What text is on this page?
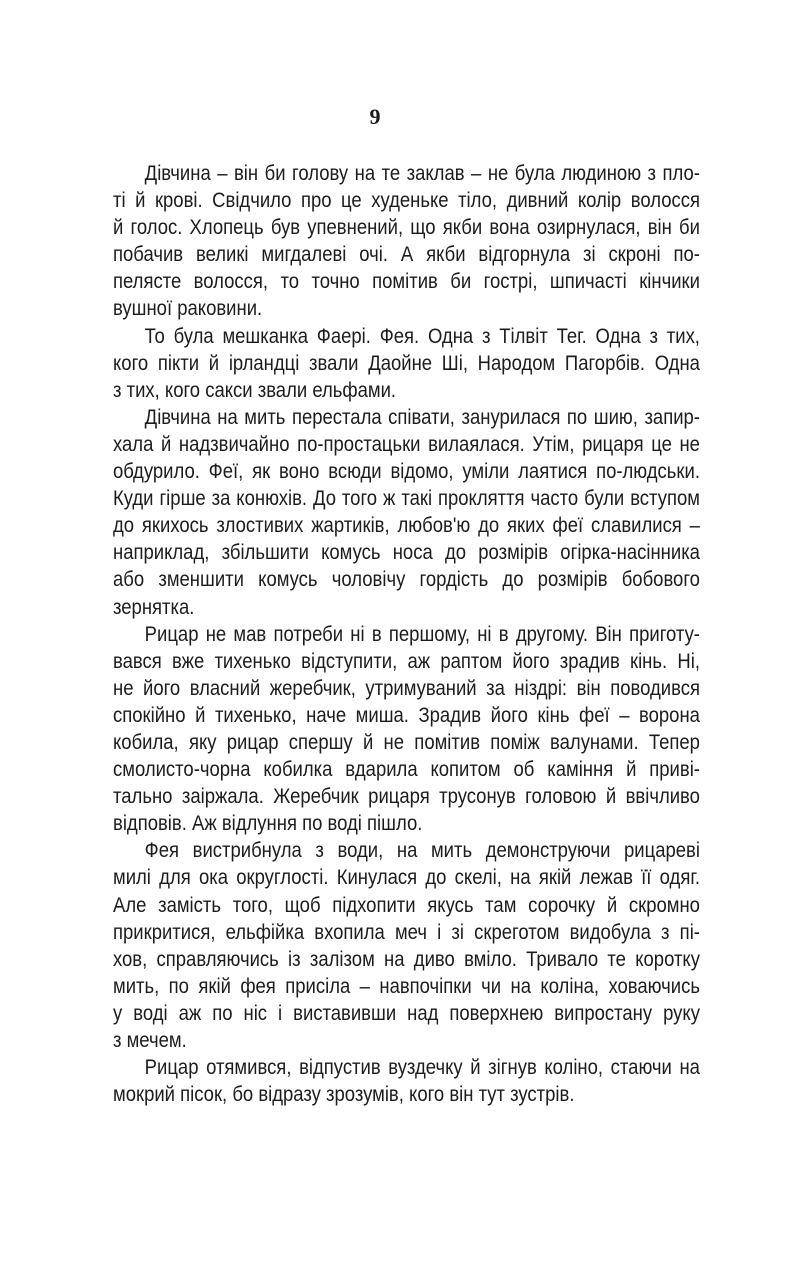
9
Дівчина – він би голову на те заклав – не була людиною з пло-
ті й крові. Свідчило про це худеньке тіло, дивний колір волосся
й голос. Хлопець був упевнений, що якби вона озирнулася, він би
побачив великі мигдалеві очі. А якби відгорнула зі скроні по-
пелясте волосся, то точно помітив би гострі, шпичасті кінчики
вушної раковини.
То була мешканка Фаері. Фея. Одна з Тілвіт Тег. Одна з тих,
кого пікти й ірландці звали Даойне Ші, Народом Пагорбів. Одна
з тих, кого сакси звали ельфами.
Дівчина на мить перестала співати, занурилася по шию, запир-
хала й надзвичайно по-простацьки вилаялася. Утім, рицаря це не
обдурило. Феї, як воно всюди відомо, уміли лаятися по-людськи.
Куди гірше за конюхів. До того ж такі прокляття часто були вступом
до якихось злостивих жартиків, любов'ю до яких феї славилися –
наприклад, збільшити комусь носа до розмірів огірка-насінника
або зменшити комусь чоловічу гордість до розмірів бобового
зернятка.
Рицар не мав потреби ні в першому, ні в другому. Він приготу-
вався вже тихенько відступити, аж раптом його зрадив кінь. Ні,
не його власний жеребчик, утримуваний за ніздрі: він поводився
спокійно й тихенько, наче миша. Зрадив його кінь феї – ворона
кобила, яку рицар спершу й не помітив поміж валунами. Тепер
смолисто-чорна кобилка вдарила копитом об каміння й приві-
тально заіржала. Жеребчик рицаря трусонув головою й ввічливо
відповів. Аж відлуння по воді пішло.
Фея вистрибнула з води, на мить демонструючи рицареві
милі для ока округлості. Кинулася до скелі, на якій лежав її одяг.
Але замість того, щоб підхопити якусь там сорочку й скромно
прикритися, ельфійка вхопила меч і зі скреготом видобула з пі-
хов, справляючись із залізом на диво вміло. Тривало те коротку
мить, по якій фея присіла – навпочіпки чи на коліна, ховаючись
у воді аж по ніс і виставивши над поверхнею випростану руку
з мечем.
Рицар отямився, відпустив вуздечку й зігнув коліно, стаючи на
мокрий пісок, бо відразу зрозумів, кого він тут зустрів.
